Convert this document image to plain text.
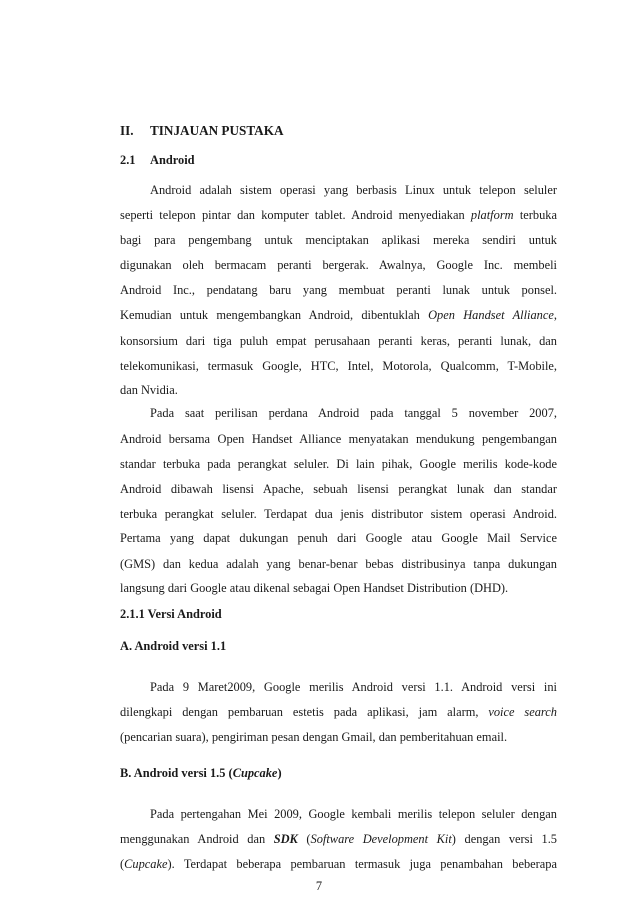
II. TINJAUAN PUSTAKA
2.1 Android
Android adalah sistem operasi yang berbasis Linux untuk telepon seluler
seperti telepon pintar dan komputer tablet. Android menyediakan platform terbuka
bagi para pengembang untuk menciptakan aplikasi mereka sendiri untuk
digunakan oleh bermacam peranti bergerak. Awalnya, Google Inc. membeli
Android Inc., pendatang baru yang membuat peranti lunak untuk ponsel.
Kemudian untuk mengembangkan Android, dibentuklah Open Handset Alliance,
konsorsium dari tiga puluh empat perusahaan peranti keras, peranti lunak, dan
telekomunikasi, termasuk Google, HTC, Intel, Motorola, Qualcomm, T-Mobile,
dan Nvidia.
Pada saat perilisan perdana Android pada tanggal 5 november 2007,
Android bersama Open Handset Alliance menyatakan mendukung pengembangan
standar terbuka pada perangkat seluler. Di lain pihak, Google merilis kode-kode
Android dibawah lisensi Apache, sebuah lisensi perangkat lunak dan standar
terbuka perangkat seluler. Terdapat dua jenis distributor sistem operasi Android.
Pertama yang dapat dukungan penuh dari Google atau Google Mail Service
(GMS) dan kedua adalah yang benar-benar bebas distribusinya tanpa dukungan
langsung dari Google atau dikenal sebagai Open Handset Distribution (DHD).
2.1.1 Versi Android
A. Android versi 1.1
Pada 9 Maret2009, Google merilis Android versi 1.1. Android versi ini
dilengkapi dengan pembaruan estetis pada aplikasi, jam alarm, voice search
(pencarian suara), pengiriman pesan dengan Gmail, dan pemberitahuan email.
B. Android versi 1.5 (Cupcake)
Pada pertengahan Mei 2009, Google kembali merilis telepon seluler dengan
menggunakan Android dan SDK (Software Development Kit) dengan versi 1.5
(Cupcake). Terdapat beberapa pembaruan termasuk juga penambahan beberapa
7
